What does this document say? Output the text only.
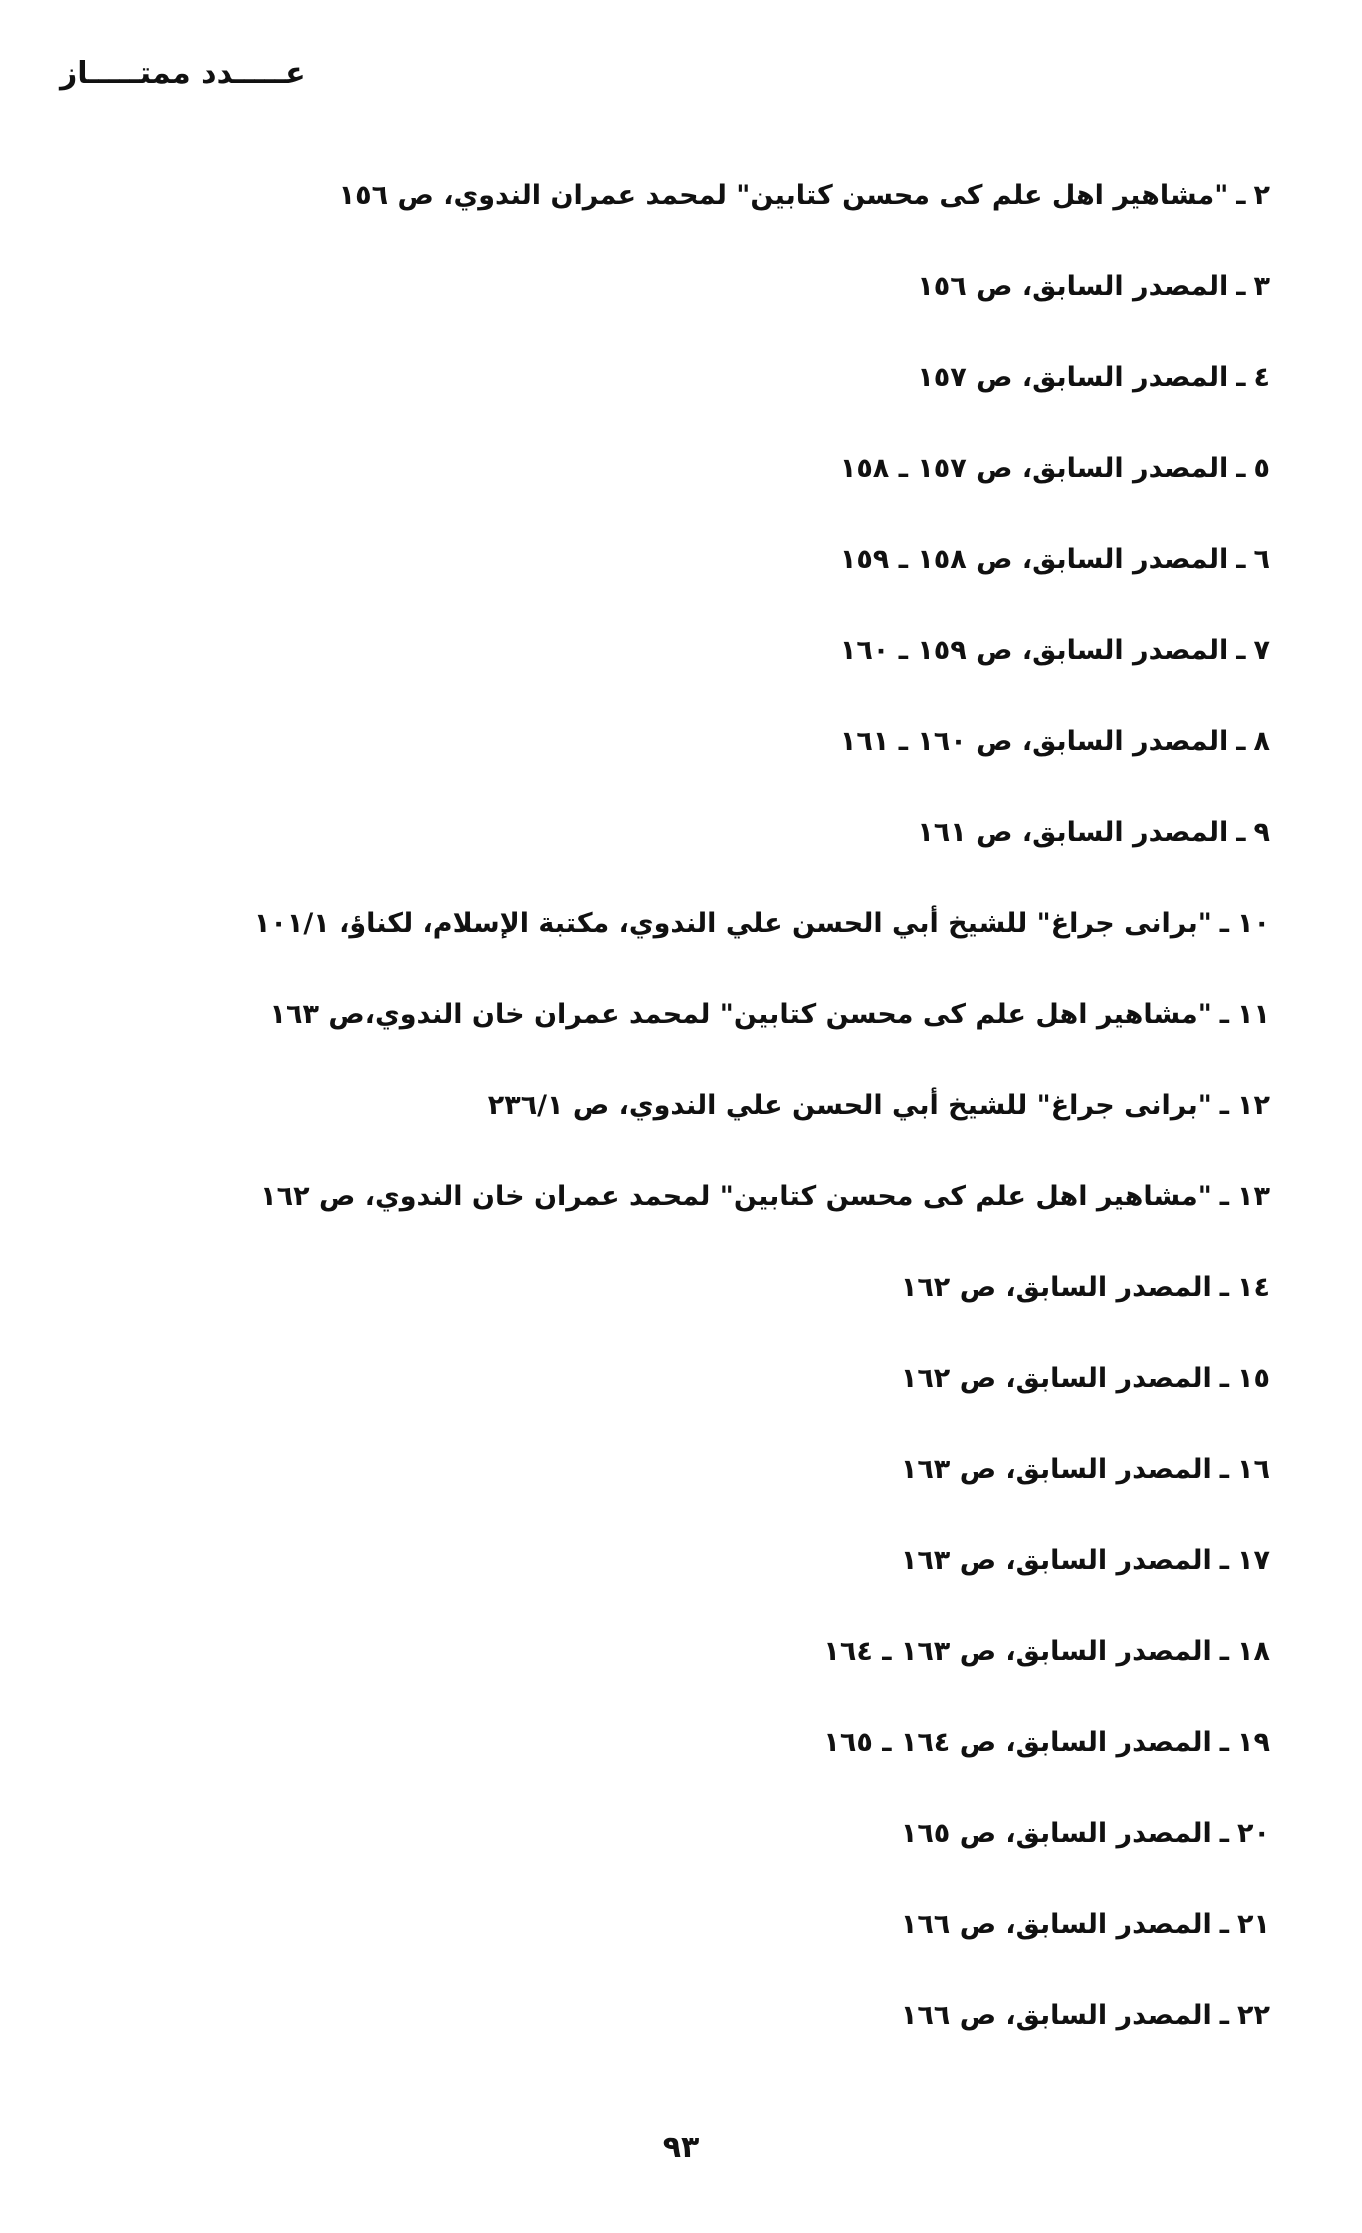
عـــــدد ممتـــــاز
٢ـ"مشاهير اهل علم كى محسن كتابين" لمحمد عمران الندوي، ص ١٥٦
٣ـالمصدر السابق، ص ١٥٦
٤ـالمصدر السابق، ص ١٥٧
٥ـالمصدر السابق، ص ١٥٧ ـ ١٥٨
٦ـالمصدر السابق، ص ١٥٨ ـ ١٥٩
٧ـالمصدر السابق، ص ١٥٩ ـ ١٦٠
٨ـالمصدر السابق، ص ١٦٠ ـ ١٦١
٩ـالمصدر السابق، ص ١٦١
١٠ـ"برانى جراغ" للشيخ أبي الحسن علي الندوي، مكتبة الإسلام، لكناؤ، ١٠١/١
١١ـ"مشاهير اهل علم كى محسن كتابين" لمحمد عمران خان الندوي،ص ١٦٣
١٢ـ"برانى جراغ" للشيخ أبي الحسن علي الندوي، ص ٢٣٦/١
١٣ـ"مشاهير اهل علم كى محسن كتابين" لمحمد عمران خان الندوي، ص ١٦٢
١٤ـالمصدر السابق، ص ١٦٢
١٥ـالمصدر السابق، ص ١٦٢
١٦ـالمصدر السابق، ص ١٦٣
١٧ـالمصدر السابق، ص ١٦٣
١٨ـالمصدر السابق، ص ١٦٣ ـ ١٦٤
١٩ـالمصدر السابق، ص ١٦٤ ـ ١٦٥
٢٠ـالمصدر السابق، ص ١٦٥
٢١ـالمصدر السابق، ص ١٦٦
٢٢ـالمصدر السابق، ص ١٦٦
٩٣
